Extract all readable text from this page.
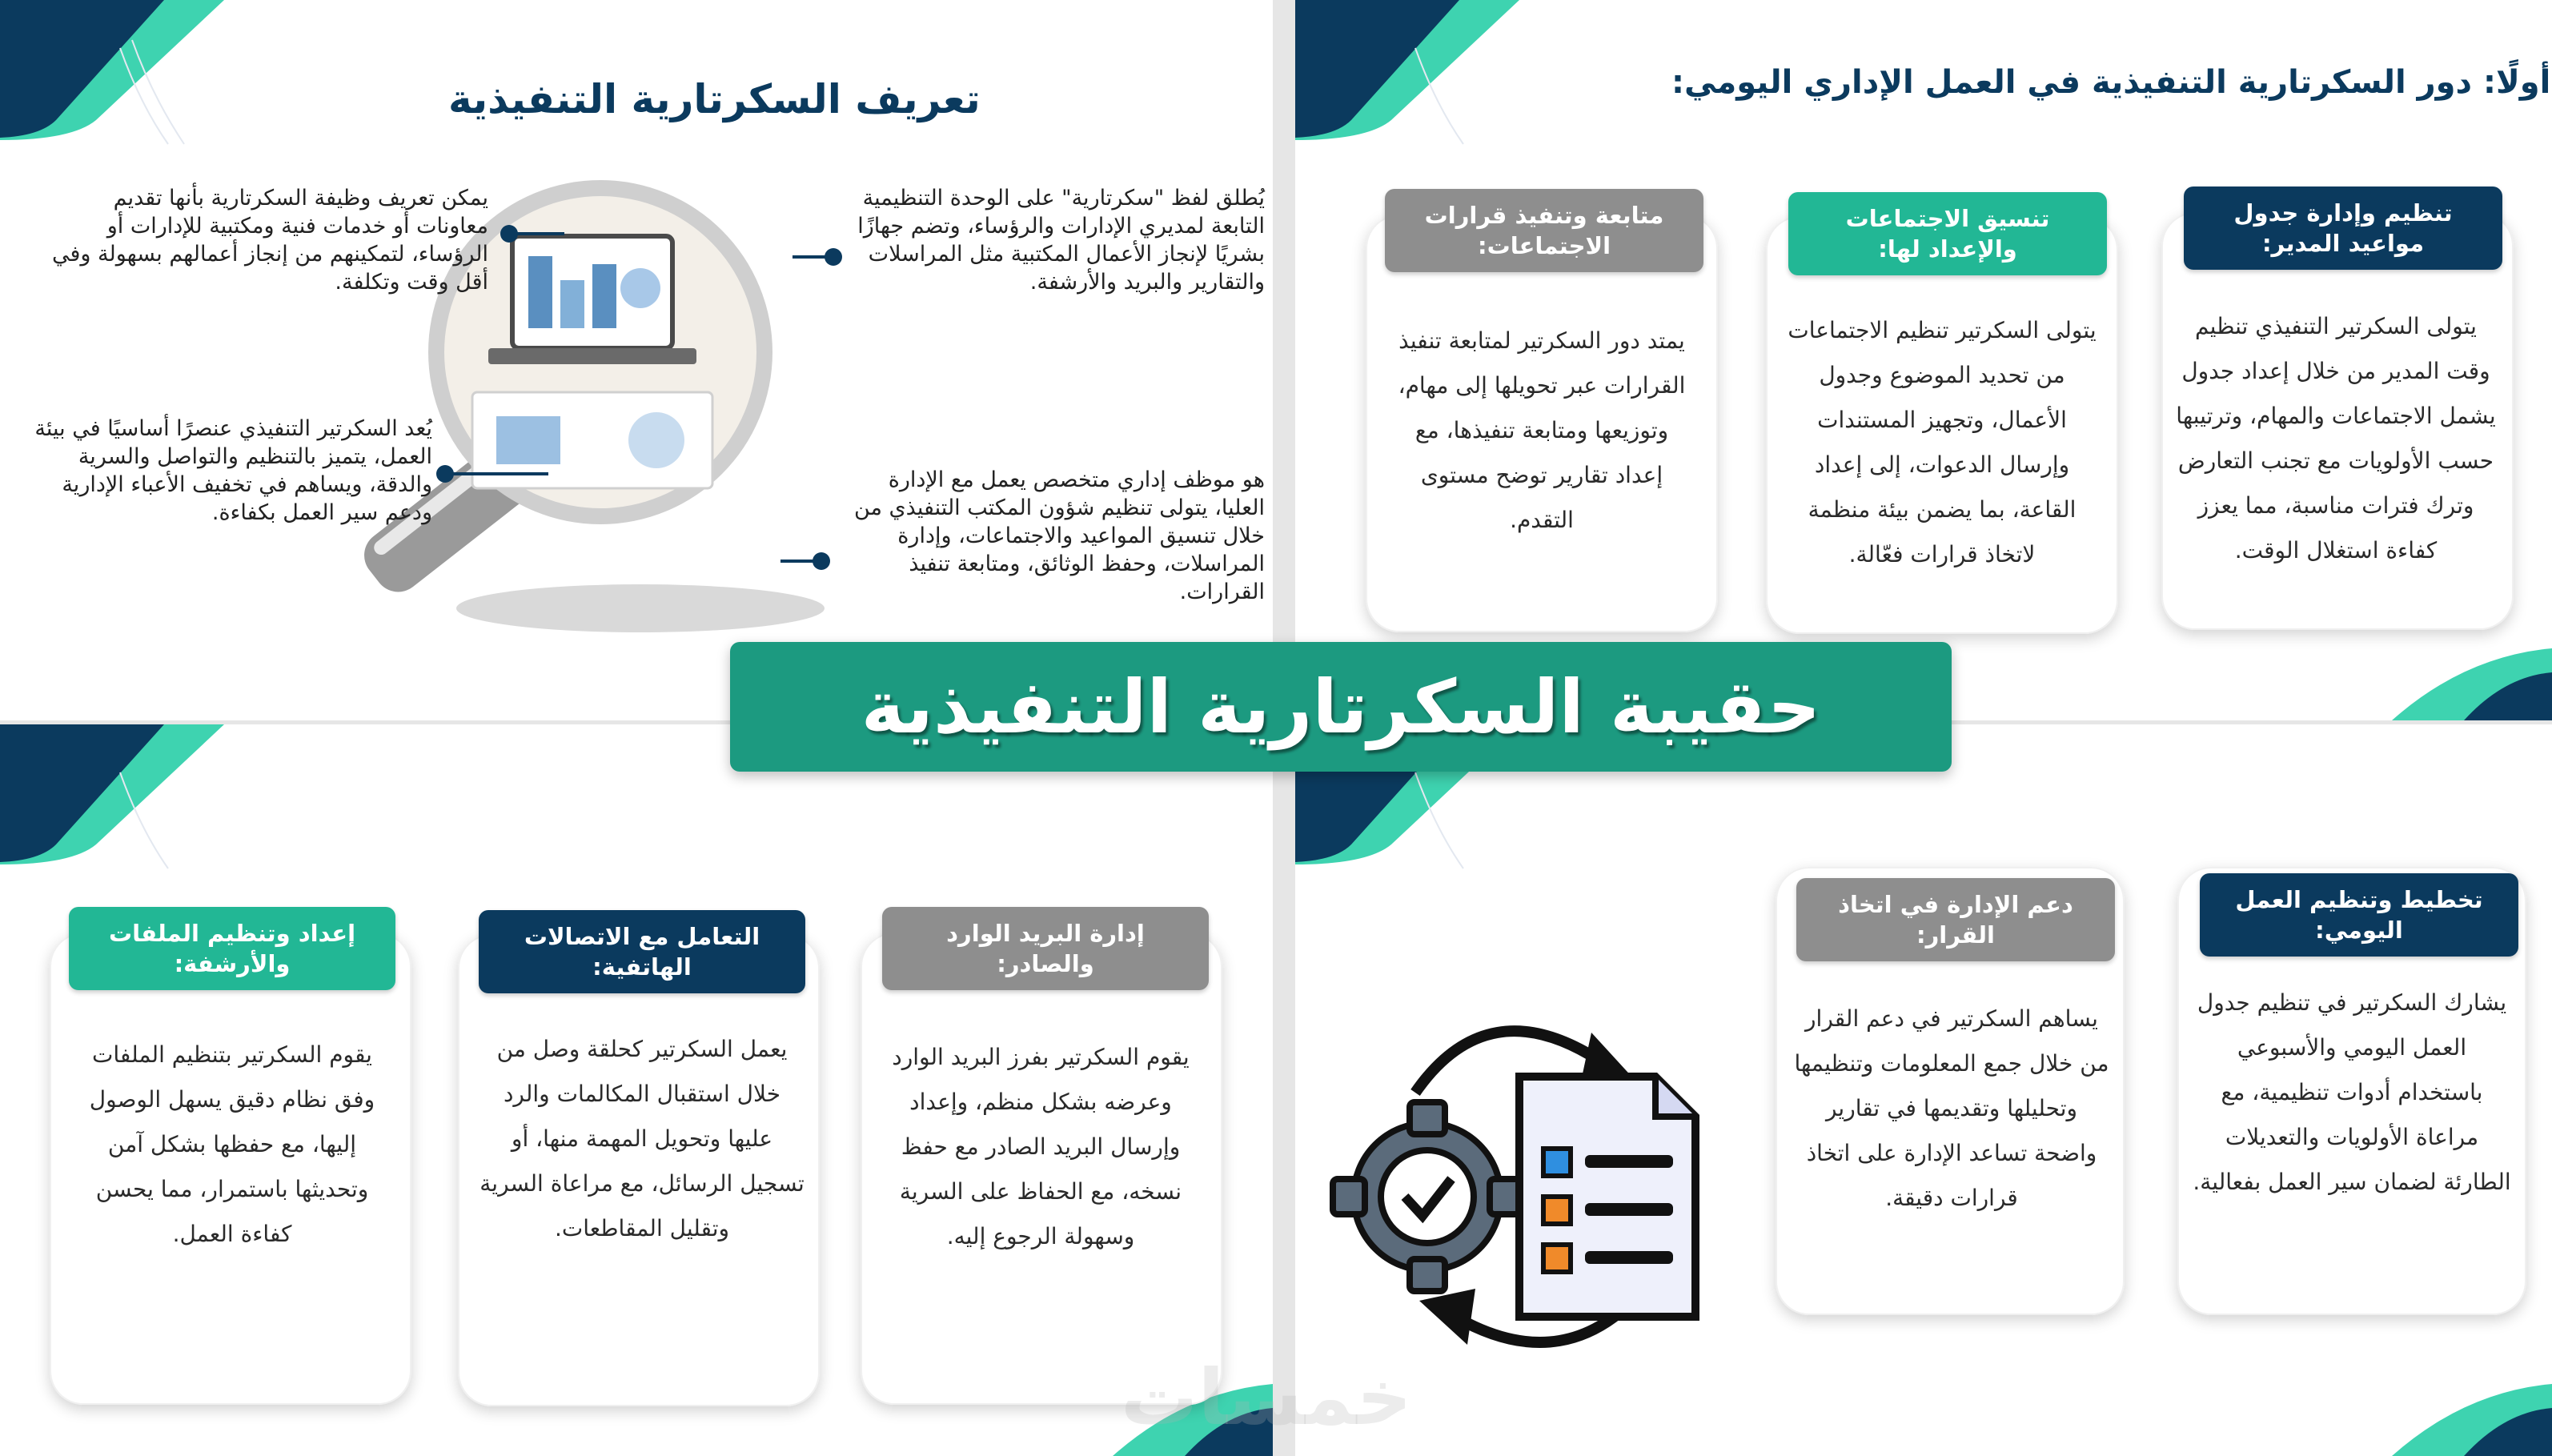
تعريف السكرتارية التنفيذية
يُطلق لفظ "سكرتارية" على الوحدة التنظيمية التابعة لمديري الإدارات والرؤساء، وتضم جهازًا بشريًا لإنجاز الأعمال المكتبية مثل المراسلات والتقارير والبريد والأرشفة.
يمكن تعريف وظيفة السكرتارية بأنها تقديم معاونات أو خدمات فنية ومكتبية للإدارات أو الرؤساء، لتمكينهم من إنجاز أعمالهم بسهولة وفي أقل وقت وتكلفة.
هو موظف إداري متخصص يعمل مع الإدارة العليا، يتولى تنظيم شؤون المكتب التنفيذي من خلال تنسيق المواعيد والاجتماعات، وإدارة المراسلات، وحفظ الوثائق، ومتابعة تنفيذ القرارات.
يُعد السكرتير التنفيذي عنصرًا أساسيًا في بيئة العمل، يتميز بالتنظيم والتواصل والسرية والدقة، ويساهم في تخفيف الأعباء الإدارية ودعم سير العمل بكفاءة.
أولًا: دور السكرتارية التنفيذية في العمل الإداري اليومي:
تنظيم وإدارة جدول مواعيد المدير:
يتولى السكرتير التنفيذي تنظيم وقت المدير من خلال إعداد جدول يشمل الاجتماعات والمهام، وترتيبها حسب الأولويات مع تجنب التعارض وترك فترات مناسبة، مما يعزز كفاءة استغلال الوقت.
تنسيق الاجتماعات والإعداد لها:
يتولى السكرتير تنظيم الاجتماعات من تحديد الموضوع وجدول الأعمال، وتجهيز المستندات وإرسال الدعوات، إلى إعداد القاعة، بما يضمن بيئة منظمة لاتخاذ قرارات فعّالة.
متابعة وتنفيذ قرارات الاجتماعات:
يمتد دور السكرتير لمتابعة تنفيذ القرارات عبر تحويلها إلى مهام، وتوزيعها ومتابعة تنفيذها، مع إعداد تقارير توضح مستوى التقدم.
إدارة البريد الوارد والصادر:
يقوم السكرتير بفرز البريد الوارد وعرضه بشكل منظم، وإعداد وإرسال البريد الصادر مع حفظ نسخه، مع الحفاظ على السرية وسهولة الرجوع إليه.
التعامل مع الاتصالات الهاتفية:
يعمل السكرتير كحلقة وصل من خلال استقبال المكالمات والرد عليها وتحويل المهمة منها، أو تسجيل الرسائل، مع مراعاة السرية وتقليل المقاطعات.
إعداد وتنظيم الملفات والأرشفة:
يقوم السكرتير بتنظيم الملفات وفق نظام دقيق يسهل الوصول إليها، مع حفظها بشكل آمن وتحديثها باستمرار، مما يحسن كفاءة العمل.
تخطيط وتنظيم العمل اليومي:
يشارك السكرتير في تنظيم جدول العمل اليومي والأسبوعي باستخدام أدوات تنظيمية، مع مراعاة الأولويات والتعديلات الطارئة لضمان سير العمل بفعالية.
دعم الإدارة في اتخاذ القرار:
يساهم السكرتير في دعم القرار من خلال جمع المعلومات وتنظيمها وتحليلها وتقديمها في تقارير واضحة تساعد الإدارة على اتخاذ قرارات دقيقة.
حقيبة السكرتارية التنفيذية
خمسات
